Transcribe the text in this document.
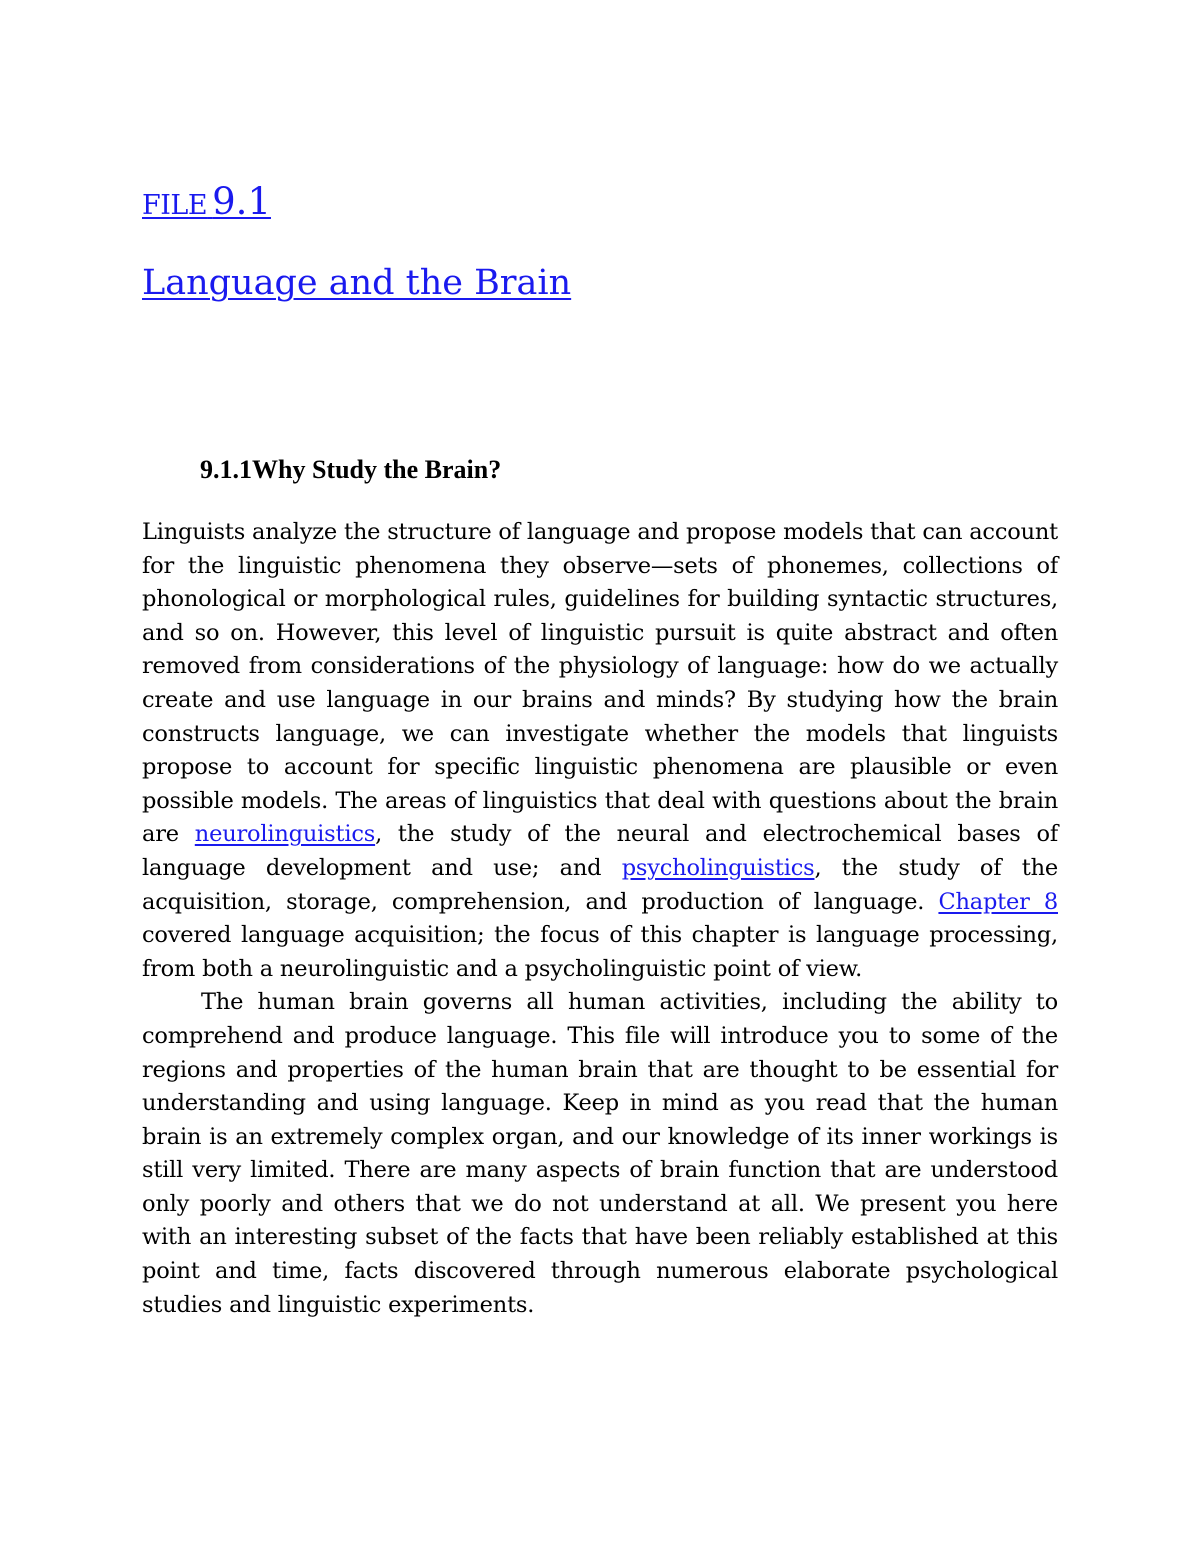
FILE 9.1
Language and the Brain
9.1.1Why Study the Brain?

Linguists analyze the structure of language and propose models that can account for the linguistic phenomena they observe—sets of phonemes, collections of phonological or morphological rules, guidelines for building syntactic structures, and so on. However, this level of linguistic pursuit is quite abstract and often removed from considerations of the physiology of language: how do we actually create and use language in our brains and minds? By studying how the brain constructs language, we can investigate whether the models that linguists propose to account for specific linguistic phenomena are plausible or even possible models. The areas of linguistics that deal with questions about the brain are neurolinguistics, the study of the neural and electrochemical bases of language development and use; and psycholinguistics, the study of the acquisition, storage, comprehension, and production of language. Chapter 8 covered language acquisition; the focus of this chapter is language processing, from both a neurolinguistic and a psycholinguistic point of view.

The human brain governs all human activities, including the ability to comprehend and produce language. This file will introduce you to some of the regions and properties of the human brain that are thought to be essential for understanding and using language. Keep in mind as you read that the human brain is an extremely complex organ, and our knowledge of its inner workings is still very limited. There are many aspects of brain function that are understood only poorly and others that we do not understand at all. We present you here with an interesting subset of the facts that have been reliably established at this point and time, facts discovered through numerous elaborate psychological studies and linguistic experiments.
